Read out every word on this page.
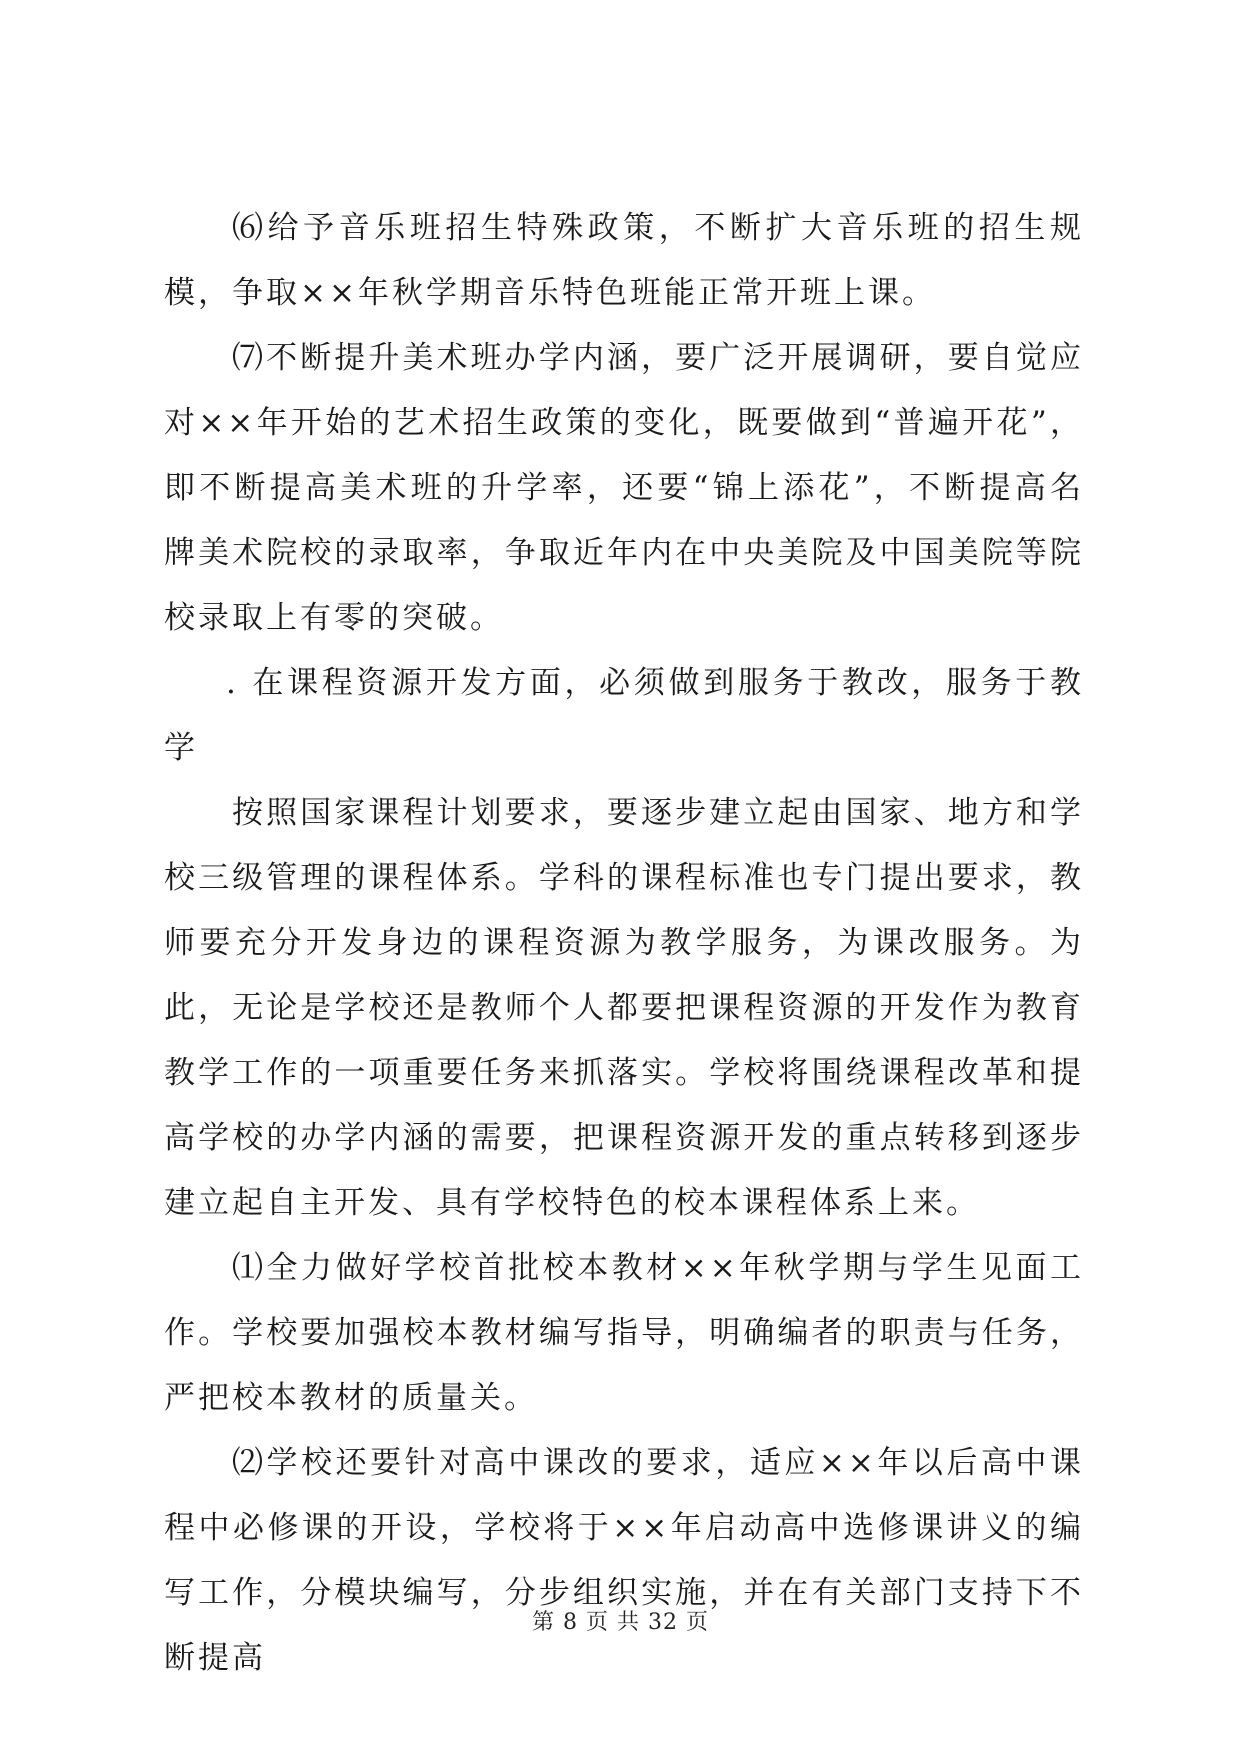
⑹给予音乐班招生特殊政策，不断扩大音乐班的招生规模，争取××年秋学期音乐特色班能正常开班上课。

⑺不断提升美术班办学内涵，要广泛开展调研，要自觉应对××年开始的艺术招生政策的变化，既要做到“普遍开花”，即不断提高美术班的升学率，还要“锦上添花”，不断提高名牌美术院校的录取率，争取近年内在中央美院及中国美院等院校录取上有零的突破。

. 在课程资源开发方面，必须做到服务于教改，服务于教学

按照国家课程计划要求，要逐步建立起由国家、地方和学校三级管理的课程体系。学科的课程标准也专门提出要求，教师要充分开发身边的课程资源为教学服务，为课改服务。为此，无论是学校还是教师个人都要把课程资源的开发作为教育教学工作的一项重要任务来抓落实。学校将围绕课程改革和提高学校的办学内涵的需要，把课程资源开发的重点转移到逐步建立起自主开发、具有学校特色的校本课程体系上来。

⑴全力做好学校首批校本教材××年秋学期与学生见面工作。学校要加强校本教材编写指导，明确编者的职责与任务，严把校本教材的质量关。

⑵学校还要针对高中课改的要求，适应××年以后高中课程中必修课的开设，学校将于××年启动高中选修课讲义的编写工作，分模块编写，分步组织实施，并在有关部门支持下不断提高

第 8 页 共 32 页
